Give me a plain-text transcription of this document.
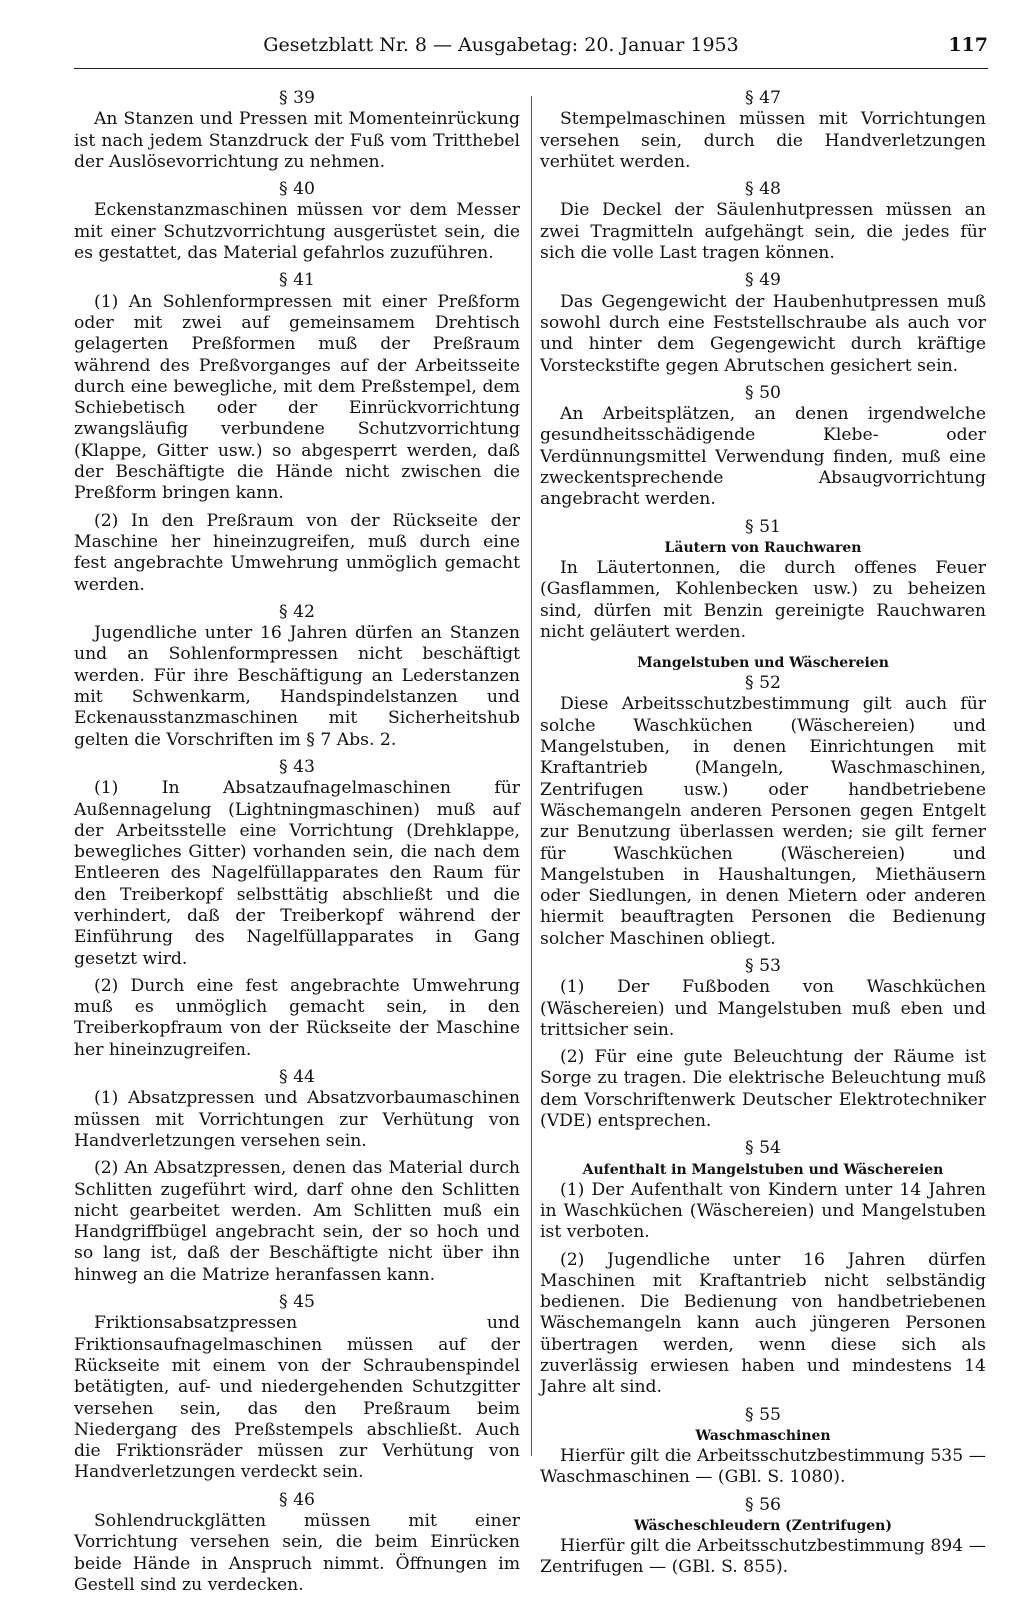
Gesetzblatt Nr. 8 — Ausgabetag: 20. Januar 1953	117
§ 39

An Stanzen und Pressen mit Momenteinrückung ist nach jedem Stanzdruck der Fuß vom Tritthebel der Auslösevorrichtung zu nehmen.

§ 40

Eckenstanzmaschinen müssen vor dem Messer mit einer Schutzvorrichtung ausgerüstet sein, die es gestattet, das Material gefahrlos zuzuführen.

§ 41

(1) An Sohlenformpressen mit einer Preßform oder mit zwei auf gemeinsamem Drehtisch gelagerten Preßformen muß der Preßraum während des Preßvorganges auf der Arbeitsseite durch eine bewegliche, mit dem Preßstempel, dem Schiebetisch oder der Einrückvorrichtung zwangsläufig verbundene Schutzvorrichtung (Klappe, Gitter usw.) so abgesperrt werden, daß der Beschäftigte die Hände nicht zwischen die Preßform bringen kann.

(2) In den Preßraum von der Rückseite der Maschine her hineinzugreifen, muß durch eine fest angebrachte Umwehrung unmöglich gemacht werden.

§ 42

Jugendliche unter 16 Jahren dürfen an Stanzen und an Sohlenformpressen nicht beschäftigt werden. Für ihre Beschäftigung an Lederstanzen mit Schwenkarm, Handspindelstanzen und Eckenausstanzmaschinen mit Sicherheitshub gelten die Vorschriften im § 7 Abs. 2.

§ 43

(1) In Absatzaufnagelmaschinen für Außennagelung (Lightningmaschinen) muß auf der Arbeitsstelle eine Vorrichtung (Drehklappe, bewegliches Gitter) vorhanden sein, die nach dem Entleeren des Nagelfüllapparates den Raum für den Treiberkopf selbsttätig abschließt und die verhindert, daß der Treiberkopf während der Einführung des Nagelfüllapparates in Gang gesetzt wird.

(2) Durch eine fest angebrachte Umwehrung muß es unmöglich gemacht sein, in den Treiberkopfraum von der Rückseite der Maschine her hineinzugreifen.

§ 44

(1) Absatzpressen und Absatzvorbaumaschinen müssen mit Vorrichtungen zur Verhütung von Handverletzungen versehen sein.

(2) An Absatzpressen, denen das Material durch Schlitten zugeführt wird, darf ohne den Schlitten nicht gearbeitet werden. Am Schlitten muß ein Handgriffbügel angebracht sein, der so hoch und so lang ist, daß der Beschäftigte nicht über ihn hinweg an die Matrize heranfassen kann.

§ 45

Friktionsabsatzpressen und Friktionsaufnagelmaschinen müssen auf der Rückseite mit einem von der Schraubenspindel betätigten, auf- und niedergehenden Schutzgitter versehen sein, das den Preßraum beim Niedergang des Preßstempels abschließt. Auch die Friktionsräder müssen zur Verhütung von Handverletzungen verdeckt sein.

§ 46

Sohlendruckglätten müssen mit einer Vorrichtung versehen sein, die beim Einrücken beide Hände in Anspruch nimmt. Öffnungen im Gestell sind zu verdecken.

§ 47

Stempelmaschinen müssen mit Vorrichtungen versehen sein, durch die Handverletzungen verhütet werden.

§ 48

Die Deckel der Säulenhutpressen müssen an zwei Tragmitteln aufgehängt sein, die jedes für sich die volle Last tragen können.

§ 49

Das Gegengewicht der Haubenhutpressen muß sowohl durch eine Feststellschraube als auch vor und hinter dem Gegengewicht durch kräftige Vorsteckstifte gegen Abrutschen gesichert sein.

§ 50

An Arbeitsplätzen, an denen irgendwelche gesundheitsschädigende Klebe- oder Verdünnungsmittel Verwendung finden, muß eine zweckentsprechende Absaugvorrichtung angebracht werden.

§ 51
Läutern von Rauchwaren

In Läutertonnen, die durch offenes Feuer (Gasflammen, Kohlenbecken usw.) zu beheizen sind, dürfen mit Benzin gereinigte Rauchwaren nicht geläutert werden.

Mangelstuben und Wäschereien
§ 52

Diese Arbeitsschutzbestimmung gilt auch für solche Waschküchen (Wäschereien) und Mangelstuben, in denen Einrichtungen mit Kraftantrieb (Mangeln, Waschmaschinen, Zentrifugen usw.) oder handbetriebene Wäschemangeln anderen Personen gegen Entgelt zur Benutzung überlassen werden; sie gilt ferner für Waschküchen (Wäschereien) und Mangelstuben in Haushaltungen, Miethäusern oder Siedlungen, in denen Mietern oder anderen hiermit beauftragten Personen die Bedienung solcher Maschinen obliegt.

§ 53

(1) Der Fußboden von Waschküchen (Wäschereien) und Mangelstuben muß eben und trittsicher sein.

(2) Für eine gute Beleuchtung der Räume ist Sorge zu tragen. Die elektrische Beleuchtung muß dem Vorschriftenwerk Deutscher Elektrotechniker (VDE) entsprechen.

§ 54
Aufenthalt in Mangelstuben und Wäschereien

(1) Der Aufenthalt von Kindern unter 14 Jahren in Waschküchen (Wäschereien) und Mangelstuben ist verboten.

(2) Jugendliche unter 16 Jahren dürfen Maschinen mit Kraftantrieb nicht selbständig bedienen. Die Bedienung von handbetriebenen Wäschemangeln kann auch jüngeren Personen übertragen werden, wenn diese sich als zuverlässig erwiesen haben und mindestens 14 Jahre alt sind.

§ 55
Waschmaschinen

Hierfür gilt die Arbeitsschutzbestimmung 535 — Waschmaschinen — (GBl. S. 1080).

§ 56
Wäscheschleudern (Zentrifugen)

Hierfür gilt die Arbeitsschutzbestimmung 894 — Zentrifugen — (GBl. S. 855).
